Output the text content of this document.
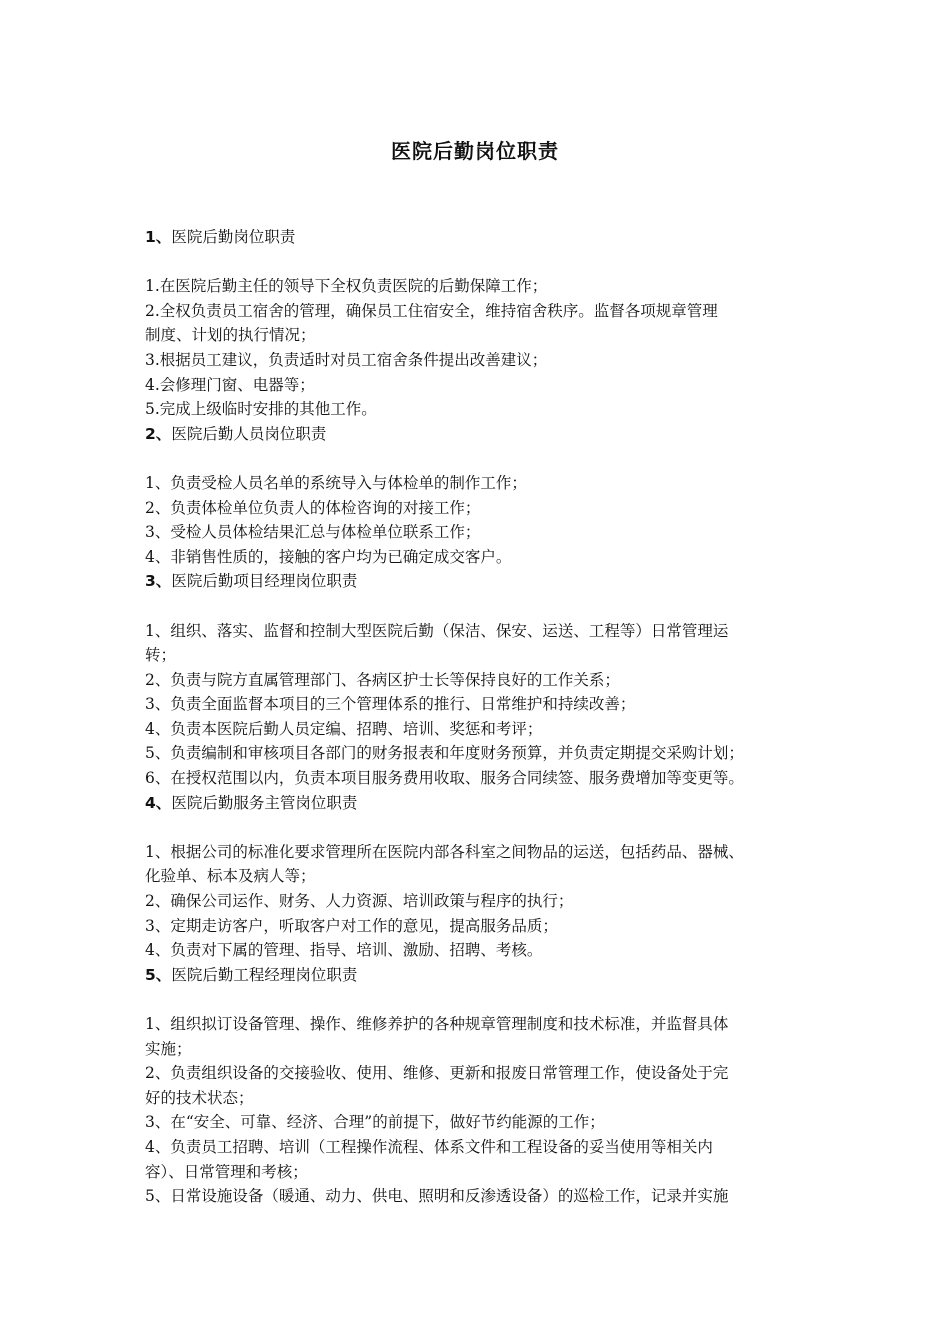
医院后勤岗位职责
1、医院后勤岗位职责
1.在医院后勤主任的领导下全权负责医院的后勤保障工作；
2.全权负责员工宿舍的管理，确保员工住宿安全，维持宿舍秩序。监督各项规章管理
制度、计划的执行情况；
3.根据员工建议，负责适时对员工宿舍条件提出改善建议；
4.会修理门窗、电器等；
5.完成上级临时安排的其他工作。
2、医院后勤人员岗位职责
1、负责受检人员名单的系统导入与体检单的制作工作；
2、负责体检单位负责人的体检咨询的对接工作；
3、受检人员体检结果汇总与体检单位联系工作；
4、非销售性质的，接触的客户均为已确定成交客户。
3、医院后勤项目经理岗位职责
1、组织、落实、监督和控制大型医院后勤（保洁、保安、运送、工程等）日常管理运
转；
2、负责与院方直属管理部门、各病区护士长等保持良好的工作关系；
3、负责全面监督本项目的三个管理体系的推行、日常维护和持续改善；
4、负责本医院后勤人员定编、招聘、培训、奖惩和考评；
5、负责编制和审核项目各部门的财务报表和年度财务预算，并负责定期提交采购计划；
6、在授权范围以内，负责本项目服务费用收取、服务合同续签、服务费增加等变更等。
4、医院后勤服务主管岗位职责
1、根据公司的标准化要求管理所在医院内部各科室之间物品的运送，包括药品、器械、
化验单、标本及病人等；
2、确保公司运作、财务、人力资源、培训政策与程序的执行；
3、定期走访客户，听取客户对工作的意见，提高服务品质；
4、负责对下属的管理、指导、培训、激励、招聘、考核。
5、医院后勤工程经理岗位职责
1、组织拟订设备管理、操作、维修养护的各种规章管理制度和技术标准，并监督具体
实施；
2、负责组织设备的交接验收、使用、维修、更新和报废日常管理工作，使设备处于完
好的技术状态；
3、在“安全、可靠、经济、合理”的前提下，做好节约能源的工作；
4、负责员工招聘、培训（工程操作流程、体系文件和工程设备的妥当使用等相关内
容）、日常管理和考核；
5、日常设施设备（暖通、动力、供电、照明和反渗透设备）的巡检工作，记录并实施
